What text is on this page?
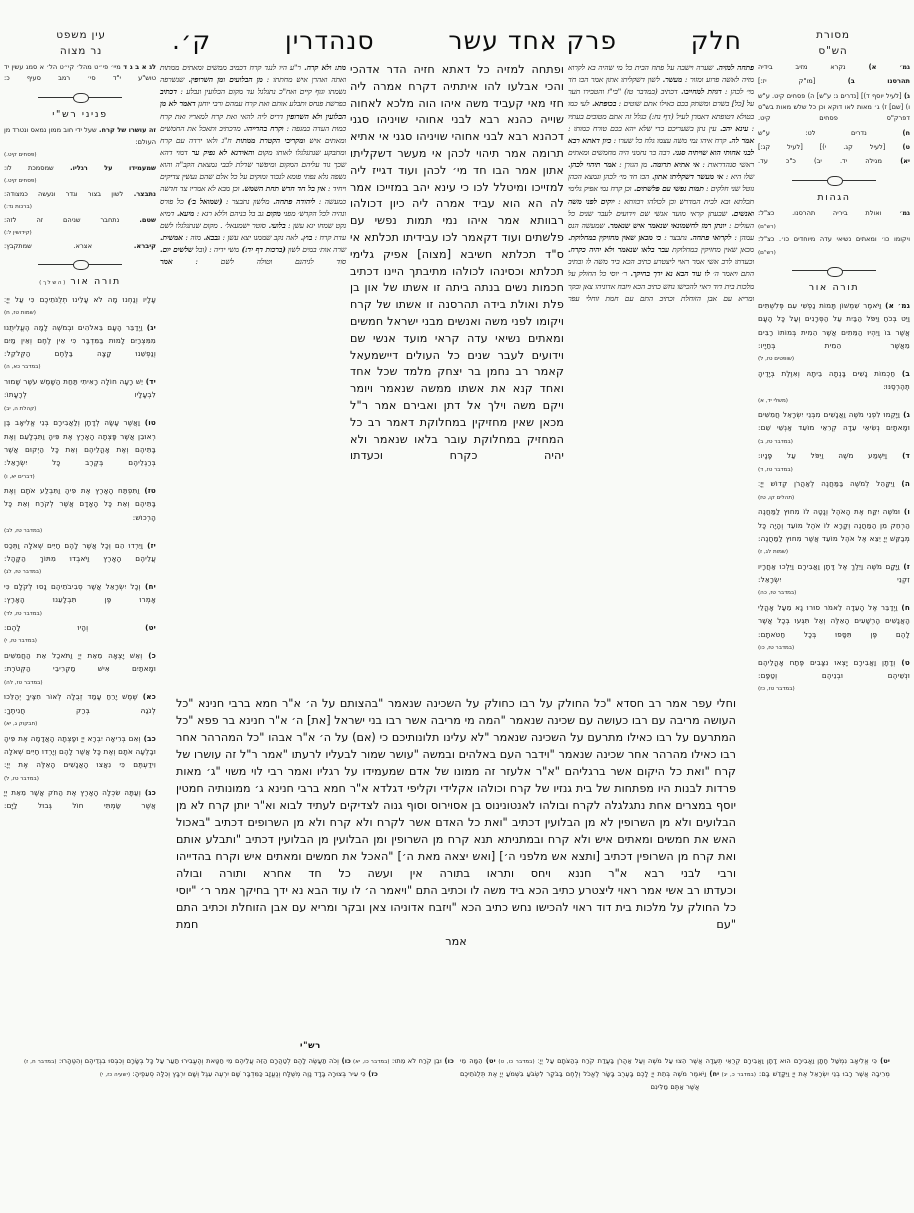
מסורת
הש"ס
חלק
פרק אחד עשר
סנהדרין
ק׳.
עין משפט
נר מצוה
גמ׳ א) נקרא מזיב בידיה
תהרסנו ב) [מו"ק יז:]
ג) [לעיל יוסף ד)] [נדרים נ: ע"ש] ה) פסחים קיט. ע"ש ו) [שם] ז) ג׳ מאות לאו דוקא וכן כל שלש מאות בש"ס דפרק"ס פסחים קיט.
ח) נדרים לט: ע"ש
ט) [לעיל קג. י)] [לעיל קג:]
יא) מגילה יד. יב) כ"כ עד.
הגהות
גמ׳ ואולת ביריה תהרסנו. כצ"ל:
(רש"ם)
ויקומו כו׳ ומאתים נשיאי עדה מיוחדים כו׳. כצ"ל:
(רש"ם)
תורה אור
גמ׳ א) וַיֹּאמֶר שִׁמְשׁוֹן תָּמוֹת נַפְשִׁי עִם פְּלִשְׁתִּים וַיֵּט בְּכֹחַ וַיִּפֹּל הַבַּיִת עַל הַסְּרָנִים וְעַל כָּל הָעָם אֲשֶׁר בּוֹ וַיִּהְיוּ הַמֵּתִים אֲשֶׁר הֵמִית בְּמוֹתוֹ רַבִּים מֵאֲשֶׁר הֵמִית בְּחַיָּיו:
(שופטים טז, ל)
ב) חַכְמוֹת נָשִׁים בָּנְתָה בֵיתָהּ וְאִוֶּלֶת בְּיָדֶיהָ תֶהֶרְסֶנּוּ:
(משלי יד, א)
ג) וַיָּקֻמוּ לִפְנֵי מֹשֶׁה וַאֲנָשִׁים מִבְּנֵי יִשְׂרָאֵל חֲמִשִּׁים וּמָאתָיִם נְשִׂיאֵי עֵדָה קְרִאֵי מוֹעֵד אַנְשֵׁי שֵׁם:
(במדבר טז, ב)
ד) וַיִּשְׁמַע מֹשֶׁה וַיִּפֹּל עַל פָּנָיו:
(במדבר טז, ד)
ה) וַיִּקָּהֵל לְמֹשֶׁה בַּמַּחֲנֶה לְאַהֲרֹן קְדוֹשׁ יְיָ׃
(תהלים קו, טז)
ו) וּמֹשֶׁה יִקַּח אֶת הָאֹהֶל וְנָטָה לוֹ מִחוּץ לַמַּחֲנֶה הַרְחֵק מִן הַמַּחֲנֶה וְקָרָא לוֹ אֹהֶל מוֹעֵד וְהָיָה כָּל מְבַקֵּשׁ יְיָ יֵצֵא אֶל אֹהֶל מוֹעֵד אֲשֶׁר מִחוּץ לַמַּחֲנֶה:
(שמות לג, ז)
ז) וַיָּקָם מֹשֶׁה וַיֵּלֶךְ אֶל דָּתָן וַאֲבִירָם וַיֵּלְכוּ אַחֲרָיו זִקְנֵי יִשְׂרָאֵל:
(במדבר טז, כה)
ח) וַיְדַבֵּר אֶל הָעֵדָה לֵאמֹר סוּרוּ נָא מֵעַל אָהֳלֵי הָאֲנָשִׁים הָרְשָׁעִים הָאֵלֶּה וְאַל תִּגְּעוּ בְּכָל אֲשֶׁר לָהֶם פֶּן תִּסָּפוּ בְּכָל חַטֹּאתָם:
(במדבר טז, כו)
ט) וְדָתָן וַאֲבִירָם יָצְאוּ נִצָּבִים פֶּתַח אָהֳלֵיהֶם וּנְשֵׁיהֶם וּבְנֵיהֶם וְטַפָּם:
(במדבר טז, כז)
לג א ב ג ד מיי׳ פי״ט מהל׳ קי״ט הל׳ א סמג עשין יד טוש"ע י"ד סי׳ רמב סעיף כ:
פניני רש"י
זה עושרו של קרח. שעל ידי חוב ממון נמאס ונטרד מן העולם:
(פסחים קיט.)
שמעמידו על רגליו. שמסמכת לו:
(פסחים קיט.)
נתבצר. לשון בצור וגדר ונעשה כמצודה:
(ברכות נד:)
שטם. נתחבר שניהם זה לזה:
(קידושין ל:)
קיברא. אצרא. שמתקבץ:
תורה אור (השלך)
עָלָיו וְנַחְנוּ מָה לֹא עָלֵינוּ תְלֻנֹּתֵיכֶם כִּי עַל יְיָ׃
(שמות טז, ח)
יג) וַיְדַבֵּר הָעָם בֵּאלֹהִים וּבְמֹשֶׁה לָמָה הֶעֱלִיתֻנוּ מִמִּצְרַיִם לָמוּת בַּמִּדְבָּר כִּי אֵין לֶחֶם וְאֵין מַיִם וְנַפְשֵׁנוּ קָצָה בַּלֶּחֶם הַקְּלֹקֵל:
(במדבר כא, ה)
יד) יֵשׁ רָעָה חוֹלָה רָאִיתִי תַּחַת הַשָּׁמֶשׁ עֹשֶׁר שָׁמוּר לִבְעָלָיו לְרָעָתוֹ:
(קהלת ה, יב)
טו) וַאֲשֶׁר עָשָׂה לְדָתָן וְלַאֲבִירָם בְּנֵי אֱלִיאָב בֶּן רְאוּבֵן אֲשֶׁר פָּצְתָה הָאָרֶץ אֶת פִּיהָ וַתִּבְלָעֵם וְאֶת בָּתֵּיהֶם וְאֶת אָהֳלֵיהֶם וְאֵת כָּל הַיְקוּם אֲשֶׁר בְּרַגְלֵיהֶם בְּקֶרֶב כָּל יִשְׂרָאֵל:
(דברים יא, ו)
טז) וַתִּפְתַּח הָאָרֶץ אֶת פִּיהָ וַתִּבְלַע אֹתָם וְאֶת בָּתֵּיהֶם וְאֵת כָּל הָאָדָם אֲשֶׁר לְקֹרַח וְאֵת כָּל הָרְכוּשׁ:
(במדבר טז, לב)
יז) וַיֵּרְדוּ הֵם וְכָל אֲשֶׁר לָהֶם חַיִּים שְׁאֹלָה וַתְּכַס עֲלֵיהֶם הָאָרֶץ וַיֹּאבְדוּ מִתּוֹךְ הַקָּהָל:
(במדבר טז, לג)
יח) וְכָל יִשְׂרָאֵל אֲשֶׁר סְבִיבֹתֵיהֶם נָסוּ לְקֹלָם כִּי אָמְרוּ פֶּן תִּבְלָעֵנוּ הָאָרֶץ:
(במדבר טז, לד)
יט) וְהָיוּ לָהֶם:
(במדבר טז, י)
כ) וְאֵשׁ יָצְאָה מֵאֵת יְיָ וַתֹּאכַל אֵת הַחֲמִשִּׁים וּמָאתַיִם אִישׁ מַקְרִיבֵי הַקְּטֹרֶת:
(במדבר טז, לה)
כא) שֶׁמֶשׁ יָרֵחַ עָמַד זְבֻלָה לְאוֹר חִצֶּיךָ יְהַלֵּכוּ לְנֹגַהּ בְּרַק חֲנִיתֶךָ:
(חבקוק ג, יא)
כב) וְאִם בְּרִיאָה יִבְרָא יְיָ וּפָצְתָה הָאֲדָמָה אֶת פִּיהָ וּבָלְעָה אֹתָם וְאֶת כָּל אֲשֶׁר לָהֶם וְיָרְדוּ חַיִּים שְׁאֹלָה וִידַעְתֶּם כִּי נִאֲצוּ הָאֲנָשִׁים הָאֵלֶּה אֶת יְיָ:
(במדבר טז, ל)
כג) וְעַתָּה שִׂכְלָה הָאָרֶץ אֶת הַחֹק אֲשֶׁר מֵאֵת יְיָ אֲשֶׁר שַׂמְתִּי חוֹל גְּבוּל לַיָּם:

פתחה למזיה. שערה וישבה על פתח הבית כל מי שהיה בא לקרוא מזיה לאשה פרוע ומזור : מעשר. לשון דשקליתו אתון אמר הבו חד מי׳ לכהן : דגיזת למחייבו. דכתיב (במדבר טז) "בי"ז והטבירו תער על [כל] בשרם ומשתק בכם כאילו אתם שוטים : בכופתא. לעי כמו בטולא דטופתא דאמרן לעיל (דף נח:) כגלל זה אתם מטובים בעתיו : עינא יהב. עין נתן בשעריכם כדי שלא יהא בכם טורח כמותו : אמר לה. קרח איהו נמי משה עצמו גלח כל שערו : כיון דאתא רבא לבני אחותי הוא שויתיה סגני. רבה בר נחמני היה מחמשים ומאתים ראשי סנהדראות : אי אתיא תרומה. מן הגורן : אמר תיהוי לכהן. שלו היא : אי מעשר דשקליתו אתון. הבו חד מי׳ לכהן ונמצא הכהן נוטל שני חלקים : תמות נפשי עם פלשתים. וכן קרח נמי אפיק גלימי תכלתא ובא לבית המדרש וכן לכולהו רבוותא : יוקים לפני משה ואנשים. שבעתן קראי מועד אנשי שם וידועים לעבר שנים כל העולים : יונתן רמז לחשמונאי שנאמר איש שנאמר. שמעשה הנס עמהן : לקרואי פתחה. נתבצר : כי מכאן שאין מחזיקין במחלוקת. מכאן שאין מחזיקין במחלוקת עבר בלאו שנאמר ולא יהיה כקרח. וכעדתו לרב אשי אמר ראוי ליצטרע כתיב הכא ביד משה לו ובתיב התם ויאמר ה׳ לו עוד הבא נא ידך בחיקך. ר׳ יוסי כל החולק על מלכות בית דוד ראוי להכישו נחש כתיב הכא ויזבח אדוניהו צאן ובקר ומריא עם אבן הזוחלת וכתיב התם עם חמת זוחלי עפר

ופתחה למזיה כל דאתא חזיה הדר אדהכי והכי אבלעו להו איתתיה דקרח אמרה ליה חזי מאי קעביד משה איהו הוה מלכא לאחוה שוייה כהנא רבא לבני אחוהי שויניהו סגני

דכהנא רבא לבני אחוהי שויניהו סגני אי אתיא תרומה אמר תיהוי לכהן אי מעשר דשקליתו אתון אמר הבו חד מי׳ לכהן ועוד דגייז ליה למזייכו ומיטלל לכו כי עינא יהב במזייכו אמר לה הא הוא עביד אמרה ליה כיון דכולהו רבוותא אמר איהו נמי תמות נפשי עם פלשתים ועוד דקאמר לכו עבידיתו תכלתא אי ס"ד תכלתא חשיבא [מצוה] אפיק גלימי תכלתא וכסינהו לכולהו מתיבתך היינו דכתיב חכמות נשים בנתה ביתה זו אשתו של און בן פלת ואולת בידה תהרסנה זו אשתו של קרח

ויקומו לפני משה ואנשים מבני ישראל חמשים ומאתים נשיאי עדה קראי מועד אנשי שם וידועים לעבר שנים כל העולים דיישמעאל קאמר רב נחמן בר יצחק מלמד שכל אחד ואחד קנא את אשתו ממשה שנאמר ויומר ויקם משה וילך אל דתן ואבירם אמר ר"ל מכאן שאין מחזיקין במחלוקת דאמר רב כל המחזיק במחלוקת עובר בלאו שנאמר ולא יהיה כקרח וכעדתו

מת: ולא קרח. ר"ע היו לנגד קרח דכמיב ממשים ומאתים ממתות ואתה ואהרן איש מחתתו : מן הבלועים ומן השרופין. שנשרפה נשמתו וגוף קיים ואח"כ נתגלגל עד מקום הבלועין ונבלע : דכתיב בפרשת פנחס ותבלע אותם ואת קרח עמהם ורבי יוחנן דאמר לא מן הבלועין ולא השרופין דריס ליה להאי ואת קרח למאריו ואת קרח כמות העדה במגפה : וקרח בהדייהו. מדכתיב ותאכל את החמשים ומאתים איש ומקריבי הקטרת ממתות ח"נ ולאו ירדה עם קרח ומתבקע שנתגלגלו לאותו מקום והאידנא לא נפיק ער דמוי דהא שכך גוד עליהם המקום ומיפשר שדלת לבבי נמצאת הקב"ה והוא נשפה גלא נפתי פומא לנכוד ומוקים על כל אלם שהם נעשין צדיקים ויחיד : אין בל חד חדש תחת השמש. וכן מבא לא אמריו צד חדשה כמעשה : ליהודה פתחה. מלשון נתבצר : (שמואל ב׳) כל פורס ונהיה לכל הקדש׳ מפני מקום גב בל בניהם וללא רגא : מיעא. דמיא נקט שמחו יגא עשן : בלועי. סוטר ישמעאל׳ . מקום שנתגלגלו לשם עדת קרח : בוץ. לאה נקב שממנו יצא עשן : גבבא. מזה : אמשית. שרה אות׳ במים לשון (ברכות דף יד:) משי ידיה : (ובל שלשים יום. סוד לגיהנם וטולה לשם : אמר

וחלי עפר אמר רב חסדא "כל החולק על רבו כחולק על השכינה שנאמר "בהצותם על ה׳ א"ר חמא ברבי חנינא "כל העושה מריבה עם רבו כעושה עם שכינה שנאמר "המה מי מריבה אשר רבו בני ישראל [את] ה׳ א"ר חנינא בר פפא "כל המתרעם על רבו כאילו מתרעם על השכינה שנאמר "לא עלינו תלונותיכם כי (אם) על ה׳ א"ר אבהו "כל המהרהר אחר רבו כאילו מהרהר אחר שכינה שנאמר "וידבר העם באלהים ובמשה "עושר שמור לבעליו לרעתו "אמר ר"ל זה עושרו של קרח "ואת כל היקום אשר ברגליהם "א"ר אלעזר זה ממונו של אדם שמעמידו על רגליו ואמר רבי לוי משוי "ג׳ מאות פרדות לבנות היו מפתחות של בית גנזיו של קרח וכולהו אקלידי וקליפי דגלדא א"ר חמא ברבי חנינא ג׳ ממונותיה חמטין יוסף במצרים אחת נתגלגלה לקרח ובולהו לאנטונינוס בן אסוירוס וסוף גנוה לצדיקים לעתיד לבוא וא"ר יותן קרח לא מן הבלועים ולא מן השרופין לא מן הבלועין דכתיב "ואת כל האדם אשר לקרח ולא קרח ולא מן השרופים דכתיב "באכול האש את חמשים ומאתים איש ולא קרח ובמתניתא תנא קרח מן השרופין ומן הבלועין מן הבלועין דכתיב "ותבלע אותם ואת קרח מן השרופין דכתיב [ותצא אש מלפני ה׳] [ואש יצאה מאת ה׳] "האכל את חמשים ומאתים איש וקרח בהדייהו ורבי לבני רבא א"ר חננא ויחס ותראו בתורה אין ועשה כל חד אחרא ותורה ובולה

וכעדתו רב אשי אמר ראוי ליצטרע כתיב הכא ביד משה לו וכתיב התם "ויאמר ה׳ לו עוד הבא נא ידך בחיקך אמר ר׳ "יוסי כל החולק על מלכות בית דוד ראוי להכישו נחש כתיב הכא "ויזבח אדוניהו צאן ובקר ומריא עם אבן הזוחלת וכתיב התם "עם חמת

אמר

יט) כִּי אֱלִיאָב נִמְשַׁל חָתָן וַאֲבִירָם הוּא דָתָן וַאֲבִירָם קְרֻאֵי תְעֻדָה אֲשֶׁר הֵצוּ עַל מֹשֶׁה וְעַל אַהֲרֹן בַּעֲדַת קֹרַח בְּהַצֹּתָם עַל יְיָ׃ (במדבר כו, ט) יט) הֵמָּה מֵי מְרִיבָה אֲשֶׁר רָבוּ בְנֵי יִשְׂרָאֵל אֶת יְיָ וַיִּקָּדֵשׁ בָּם: (במדבר כ, יג) יח) וַיֹּאמֶר מֹשֶׁה בְּתֵת יְיָ לָכֶם בָּעֶרֶב בָּשָׂר לֶאֱכֹל וְלֶחֶם בַּבֹּקֶר לִשְׂבֹּעַ בִּשְׁמֹעַ יְיָ אֶת תְּלֻנֹּתֵיכֶם אֲשֶׁר אַתֶּם מַלִּינִם

כו) וּבֵן קֹרַח לֹא מֵתוּ: (במדבר כו, יא) כו) וְכֹה תַעֲשֶׂה לָהֶם לְטַהֲרָם הַזֵּה עֲלֵיהֶם מֵי חַטָּאת וְהֶעֱבִירוּ תַעַר עַל כָּל בְּשָׂרָם וְכִבְּסוּ בִגְדֵיהֶם וְהִטֶּהָרוּ: (במדבר ח, ז) כז) כִּי עִיר בְּצוּרָה בָּדָד נָוֶה מְשֻׁלָּח וְנֶעֱזָב כַּמִּדְבָּר שָׁם יִרְעֶה עֵגֶל וְשָׁם יִרְבָּץ וְכִלָּה סְעִפֶיהָ: (ישעיה כז, י)

רש"י
